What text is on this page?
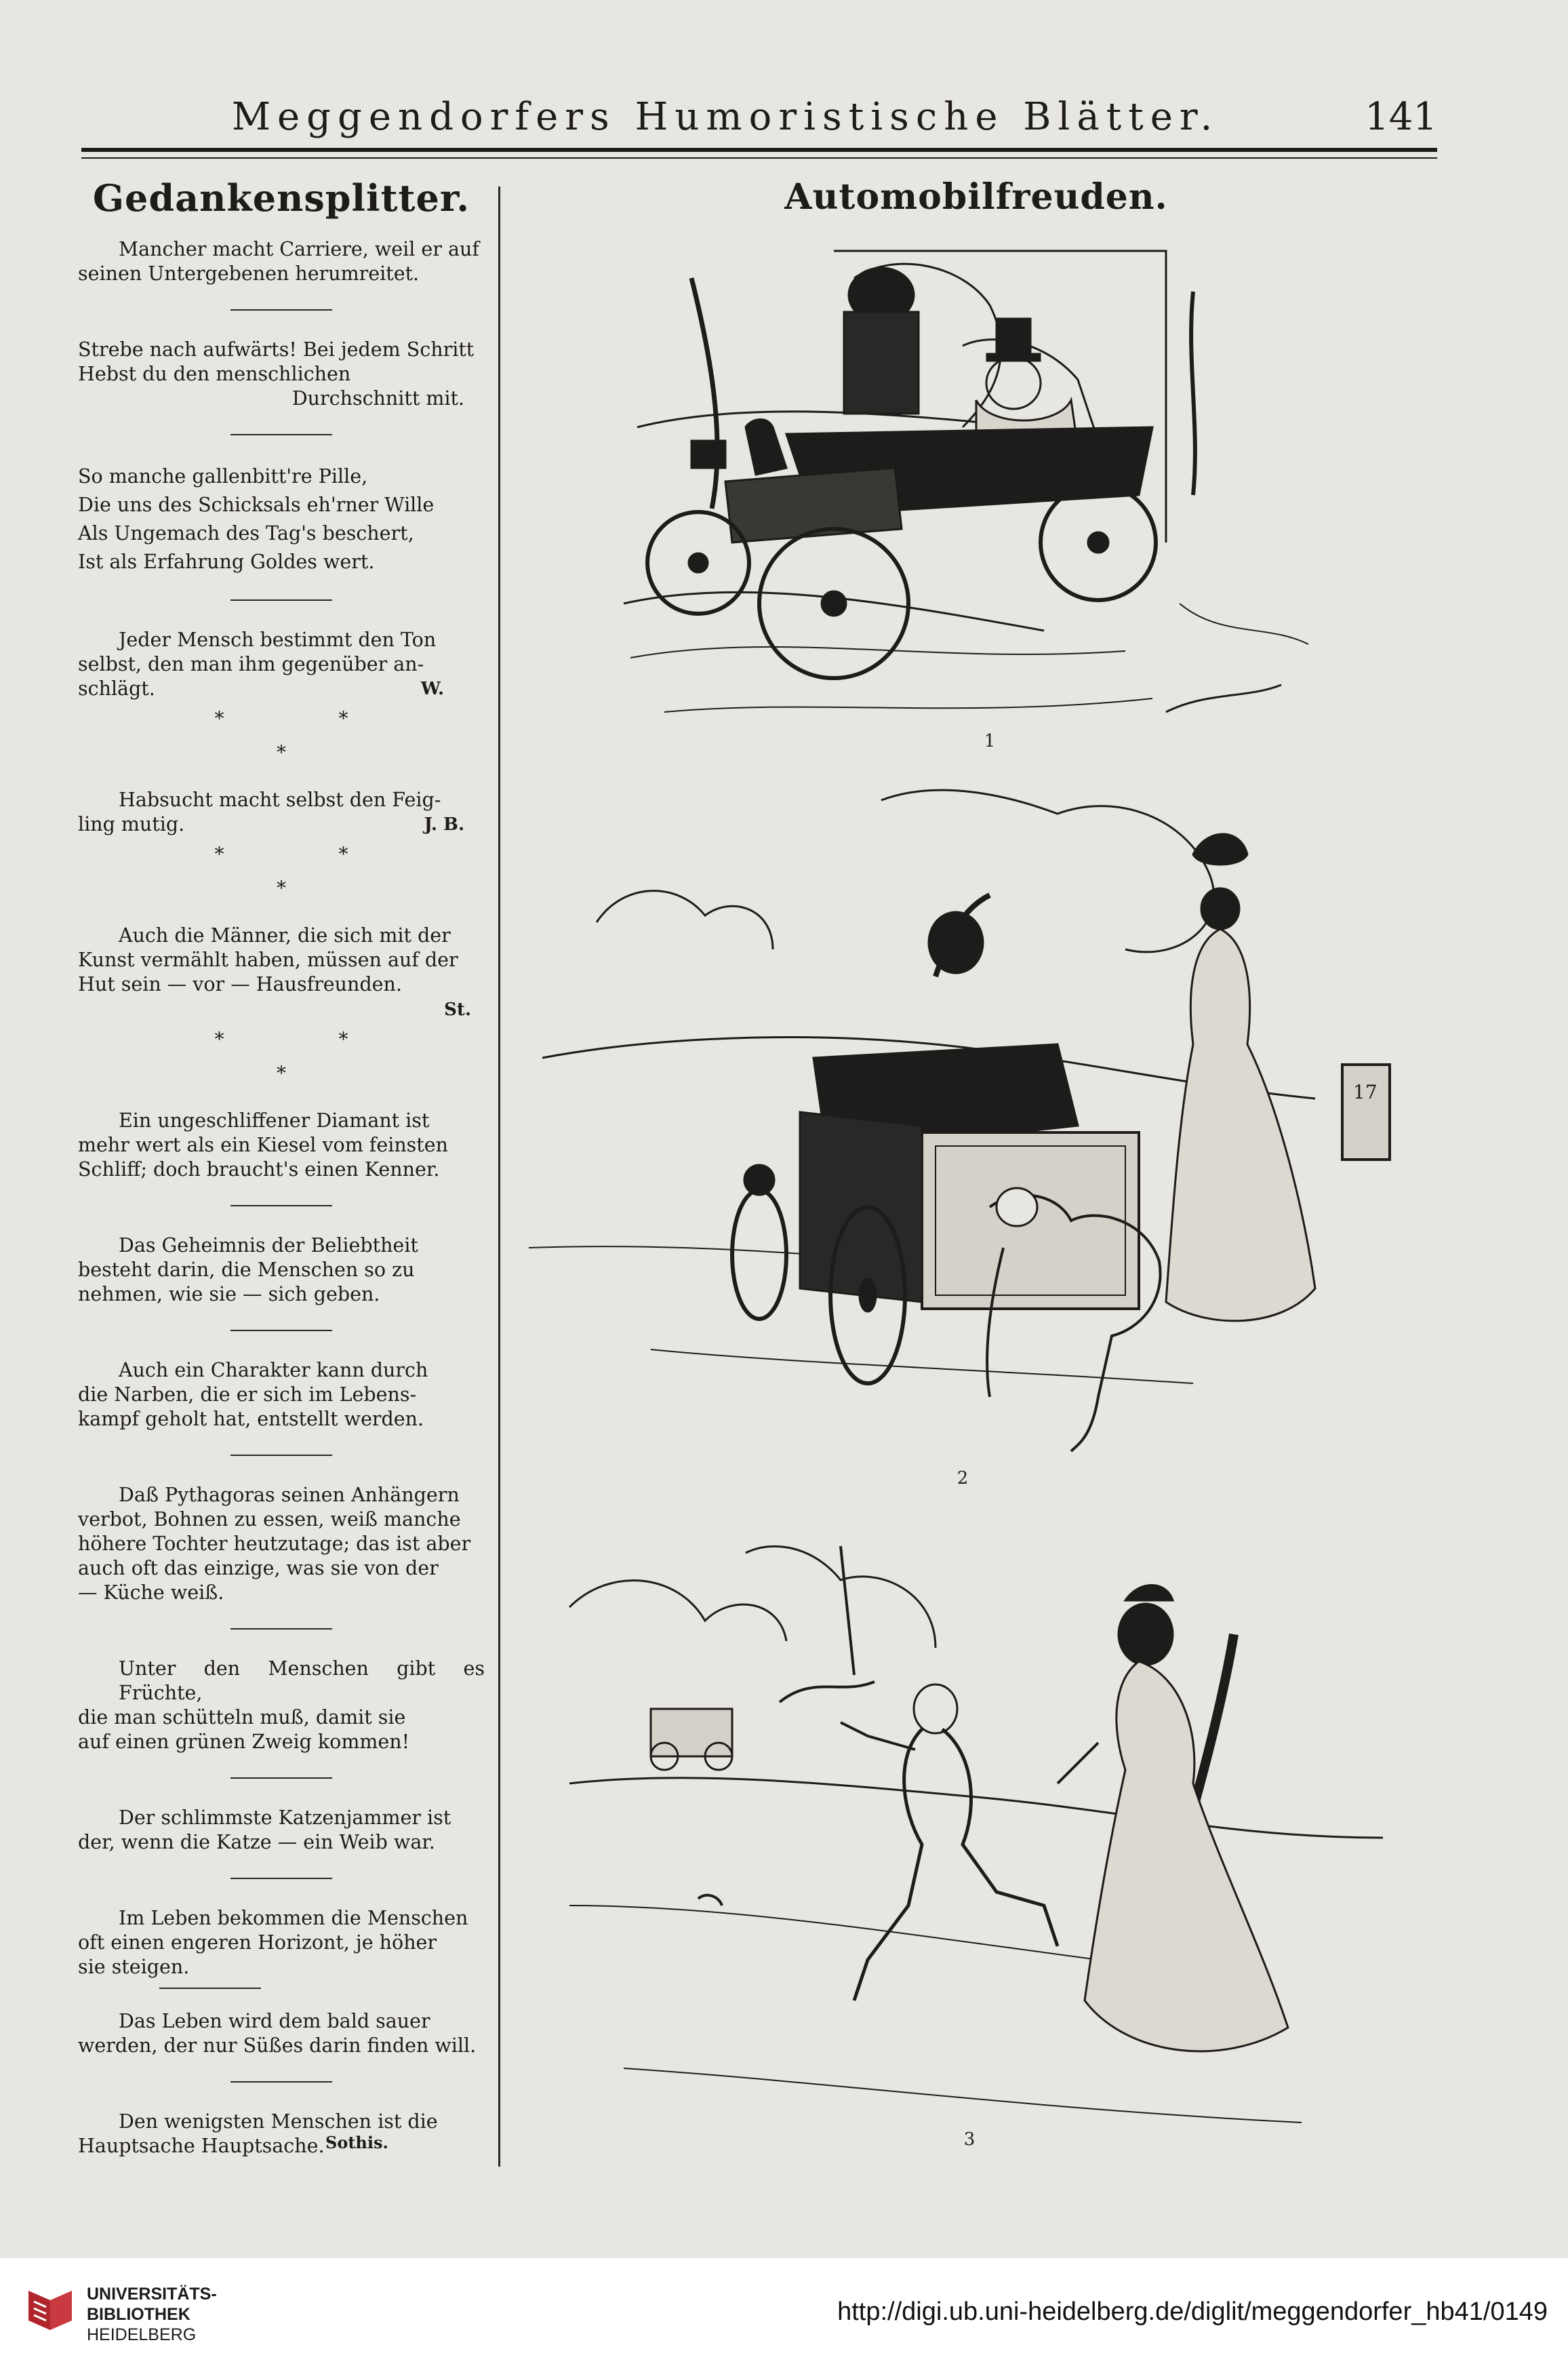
Meggendorfers Humoristische Blätter.	141
Gedankensplitter.

Mancher macht Carriere, weil er auf
seinen Untergebenen herumreitet.

Strebe nach aufwärts! Bei jedem Schritt
Hebst du den menschlichen
Durchschnitt mit.

So manche gallenbitt're Pille,
Die uns des Schicksals eh'rner Wille
Als Ungemach des Tag's beschert,
Ist als Erfahrung Goldes wert.

Jeder Mensch bestimmt den Ton
selbst, den man ihm gegenüber an-
schlägt.	W.

* *
*

Habsucht macht selbst den Feig-
ling mutig.	J. B.

* *
*

Auch die Männer, die sich mit der
Kunst vermählt haben, müssen auf der
Hut sein — vor — Hausfreunden.
St.

* *
*

Ein ungeschliffener Diamant ist
mehr wert als ein Kiesel vom feinsten
Schliff; doch braucht's einen Kenner.

Das Geheimnis der Beliebtheit
besteht darin, die Menschen so zu
nehmen, wie sie — sich geben.

Auch ein Charakter kann durch
die Narben, die er sich im Lebens-
kampf geholt hat, entstellt werden.

Daß Pythagoras seinen Anhängern
verbot, Bohnen zu essen, weiß manche
höhere Tochter heutzutage; das ist aber
auch oft das einzige, was sie von der
— Küche weiß.

Unter den Menschen gibt es Früchte,
die man schütteln muß, damit sie
auf einen grünen Zweig kommen!

Der schlimmste Katzenjammer ist
der, wenn die Katze — ein Weib war.

Im Leben bekommen die Menschen
oft einen engeren Horizont, je höher
sie steigen.

Das Leben wird dem bald sauer
werden, der nur Süßes darin finden will.

Den wenigsten Menschen ist die
Hauptsache Hauptsache. Sothis.
Automobilfreuden.
1
17
2
3
UNIVERSITÄTS-
BIBLIOTHEK
HEIDELBERG
http://digi.ub.uni-heidelberg.de/diglit/meggendorfer_hb41/0149
